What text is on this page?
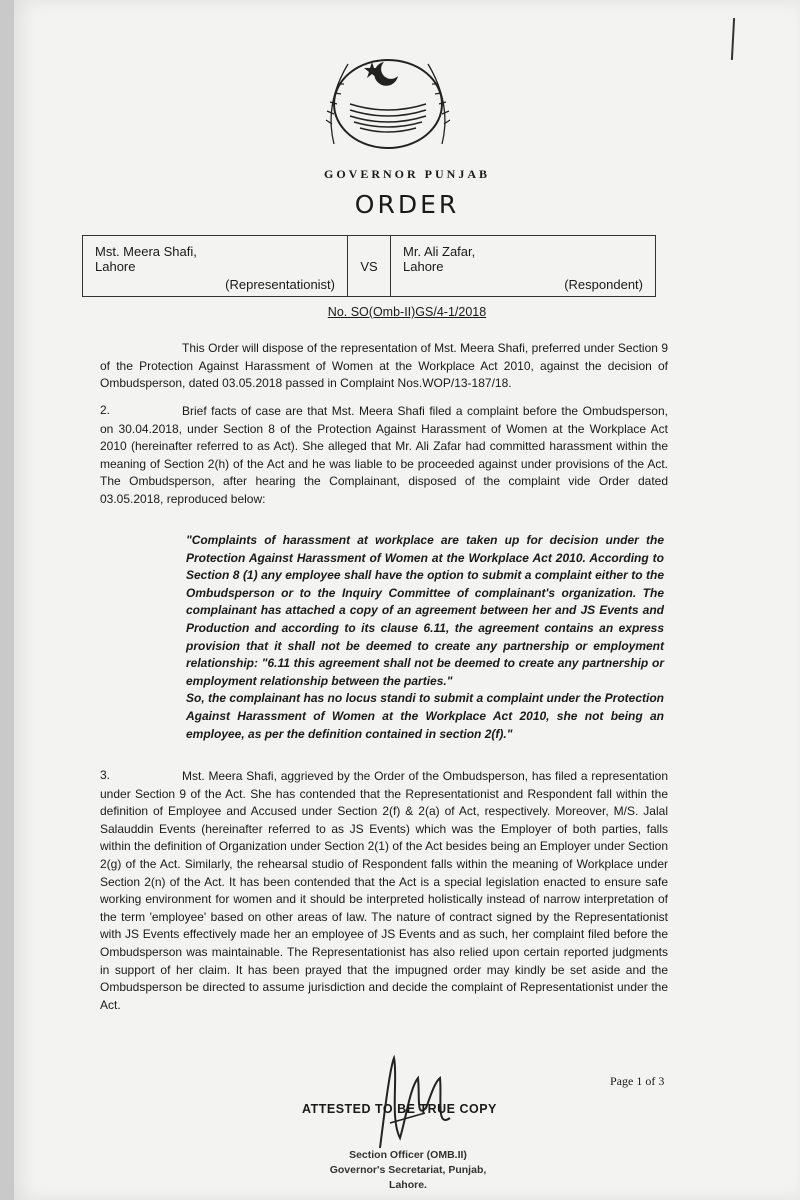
GOVERNOR PUNJAB
ORDER
Mst. Meera Shafi,
Lahore
(Representationist)
	VS	
Mr. Ali Zafar,
Lahore
(Respondent)
No. SO(Omb-II)GS/4-1/2018
This Order will dispose of the representation of Mst. Meera Shafi, preferred under Section 9 of the Protection Against Harassment of Women at the Workplace Act 2010, against the decision of Ombudsperson, dated 03.05.2018 passed in Complaint Nos.WOP/13-187/18.
2.	Brief facts of case are that Mst. Meera Shafi filed a complaint before the Ombudsperson, on 30.04.2018, under Section 8 of the Protection Against Harassment of Women at the Workplace Act 2010 (hereinafter referred to as Act). She alleged that Mr. Ali Zafar had committed harassment within the meaning of Section 2(h) of the Act and he was liable to be proceeded against under provisions of the Act. The Ombudsperson, after hearing the Complainant, disposed of the complaint vide Order dated 03.05.2018, reproduced below:
"Complaints of harassment at workplace are taken up for decision under the Protection Against Harassment of Women at the Workplace Act 2010. According to Section 8 (1) any employee shall have the option to submit a complaint either to the Ombudsperson or to the Inquiry Committee of complainant's organization. The complainant has attached a copy of an agreement between her and JS Events and Production and according to its clause 6.11, the agreement contains an express provision that it shall not be deemed to create any partnership or employment relationship: "6.11 this agreement shall not be deemed to create any partnership or employment relationship between the parties."
So, the complainant has no locus standi to submit a complaint under the Protection Against Harassment of Women at the Workplace Act 2010, she not being an employee, as per the definition contained in section 2(f)."
3.	Mst. Meera Shafi, aggrieved by the Order of the Ombudsperson, has filed a representation under Section 9 of the Act. She has contended that the Representationist and Respondent fall within the definition of Employee and Accused under Section 2(f) & 2(a) of Act, respectively. Moreover, M/S. Jalal Salauddin Events (hereinafter referred to as JS Events) which was the Employer of both parties, falls within the definition of Organization under Section 2(1) of the Act besides being an Employer under Section 2(g) of the Act. Similarly, the rehearsal studio of Respondent falls within the meaning of Workplace under Section 2(n) of the Act. It has been contended that the Act is a special legislation enacted to ensure safe working environment for women and it should be interpreted holistically instead of narrow interpretation of the term 'employee' based on other areas of law. The nature of contract signed by the Representationist with JS Events effectively made her an employee of JS Events and as such, her complaint filed before the Ombudsperson was maintainable. The Representationist has also relied upon certain reported judgments in support of her claim. It has been prayed that the impugned order may kindly be set aside and the Ombudsperson be directed to assume jurisdiction and decide the complaint of Representationist under the Act.
Page 1 of 3
ATTESTED TO BE TRUE COPY
Section Officer (OMB.II)
Governor's Secretariat, Punjab,
Lahore.
